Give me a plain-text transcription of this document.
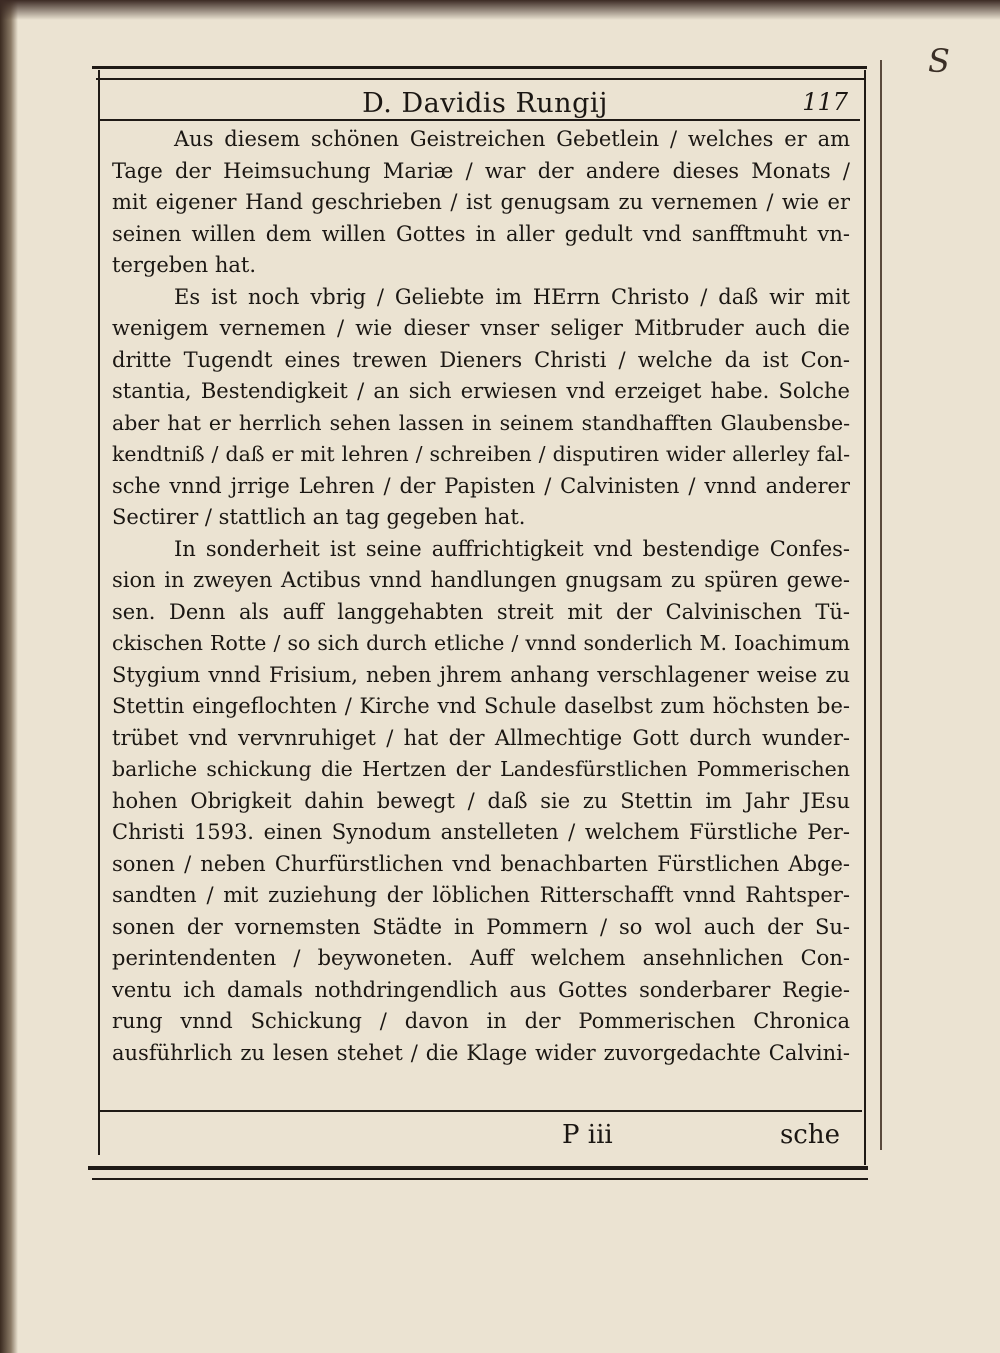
S
D. Davidis Rungij	117
Aus diesem schönen Geistreichen Gebetlein / welches er am
Tage der Heimsuchung Mariæ / war der andere dieses Monats /
mit eigener Hand geschrieben / ist genugsam zu vernemen / wie er
seinen willen dem willen Gottes in aller gedult vnd sanfftmuht vn-
tergeben hat.
Es ist noch vbrig / Geliebte im HErrn Christo / daß wir mit
wenigem vernemen / wie dieser vnser seliger Mitbruder auch die
dritte Tugendt eines trewen Dieners Christi / welche da ist Con-
stantia, Bestendigkeit / an sich erwiesen vnd erzeiget habe. Solche
aber hat er herrlich sehen lassen in seinem standhafften Glaubensbe-
kendtniß / daß er mit lehren / schreiben / disputiren wider allerley fal-
sche vnnd jrrige Lehren / der Papisten / Calvinisten / vnnd anderer
Sectirer / stattlich an tag gegeben hat.
In sonderheit ist seine auffrichtigkeit vnd bestendige Confes-
sion in zweyen Actibus vnnd handlungen gnugsam zu spüren gewe-
sen. Denn als auff langgehabten streit mit der Calvinischen Tü-
ckischen Rotte / so sich durch etliche / vnnd sonderlich M. Ioachimum
Stygium vnnd Frisium, neben jhrem anhang verschlagener weise zu
Stettin eingeflochten / Kirche vnd Schule daselbst zum höchsten be-
trübet vnd vervnruhiget / hat der Allmechtige Gott durch wunder-
barliche schickung die Hertzen der Landesfürstlichen Pommerischen
hohen Obrigkeit dahin bewegt / daß sie zu Stettin im Jahr JEsu
Christi 1593. einen Synodum anstelleten / welchem Fürstliche Per-
sonen / neben Churfürstlichen vnd benachbarten Fürstlichen Abge-
sandten / mit zuziehung der löblichen Ritterschafft vnnd Rahtsper-
sonen der vornemsten Städte in Pommern / so wol auch der Su-
perintendenten / beywoneten. Auff welchem ansehnlichen Con-
ventu ich damals nothdringendlich aus Gottes sonderbarer Regie-
rung vnnd Schickung / davon in der Pommerischen Chronica
ausführlich zu lesen stehet / die Klage wider zuvorgedachte Calvini-
P iii	sche
